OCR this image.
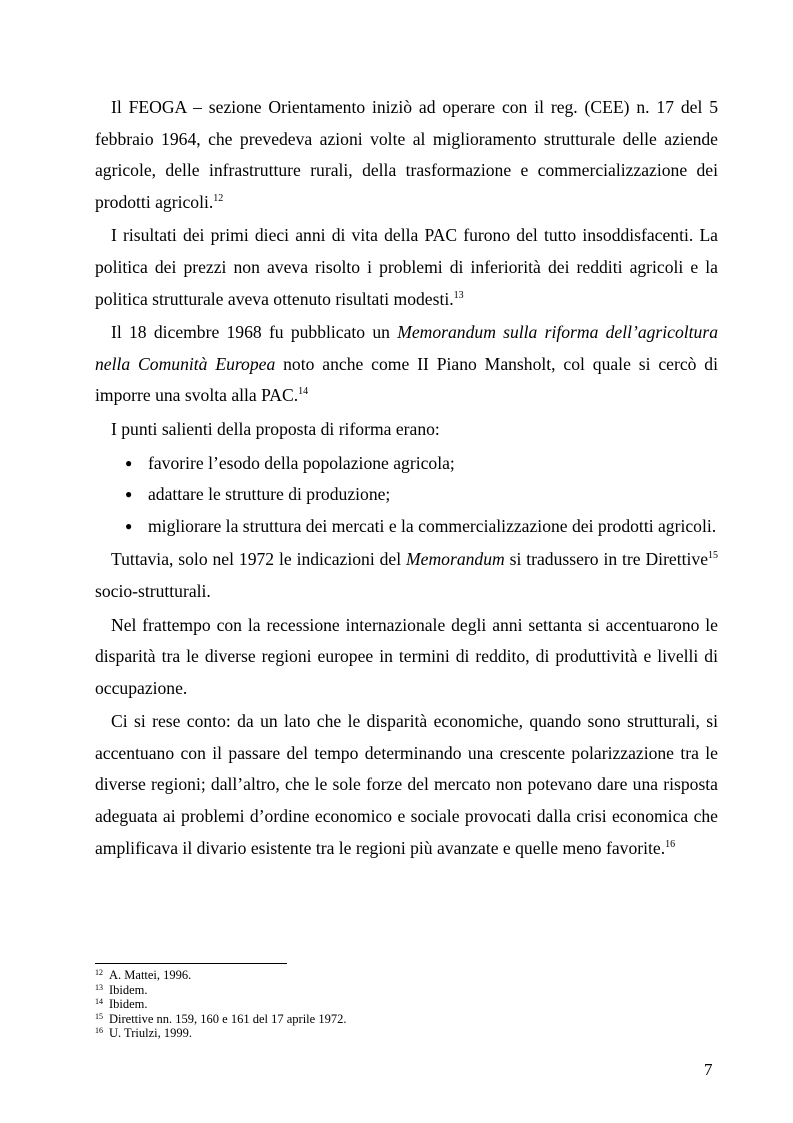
Il FEOGA – sezione Orientamento iniziò ad operare con il reg. (CEE) n. 17 del 5 febbraio 1964, che prevedeva azioni volte al miglioramento strutturale delle aziende agricole, delle infrastrutture rurali, della trasformazione e commercializzazione dei prodotti agricoli.$^{12}$

I risultati dei primi dieci anni di vita della PAC furono del tutto insoddisfacenti. La politica dei prezzi non aveva risolto i problemi di inferiorità dei redditi agricoli e la politica strutturale aveva ottenuto risultati modesti.$^{13}$

Il 18 dicembre 1968 fu pubblicato un Memorandum sulla riforma dell’agricoltura nella Comunità Europea noto anche come II Piano Mansholt, col quale si cercò di imporre una svolta alla PAC.$^{14}$

I punti salienti della proposta di riforma erano:

● favorire l’esodo della popolazione agricola;
● adattare le strutture di produzione;
● migliorare la struttura dei mercati e la commercializzazione dei prodotti agricoli.

Tuttavia, solo nel 1972 le indicazioni del Memorandum si tradussero in tre Direttive$^{15}$ socio-strutturali.

Nel frattempo con la recessione internazionale degli anni settanta si accentuarono le disparità tra le diverse regioni europee in termini di reddito, di produttività e livelli di occupazione.

Ci si rese conto: da un lato che le disparità economiche, quando sono strutturali, si accentuano con il passare del tempo determinando una crescente polarizzazione tra le diverse regioni; dall’altro, che le sole forze del mercato non potevano dare una risposta adeguata ai problemi d’ordine economico e sociale provocati dalla crisi economica che amplificava il divario esistente tra le regioni più avanzate e quelle meno favorite.$^{16}$

12 A. Mattei, 1996.
13 Ibidem.
14 Ibidem.
15 Direttive nn. 159, 160 e 161 del 17 aprile 1972.
16 U. Triulzi, 1999.
7
